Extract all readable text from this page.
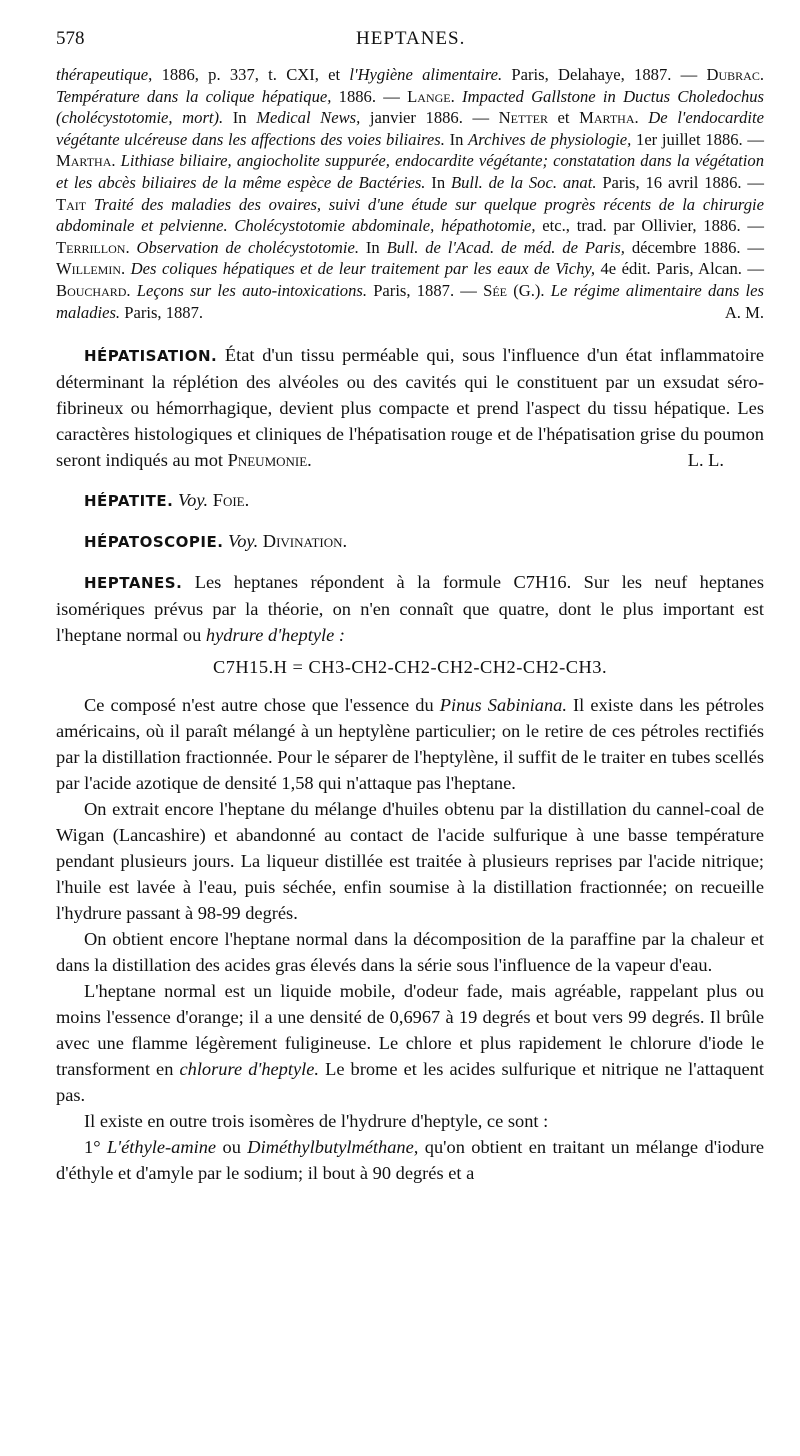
578	HEPTANES.
thérapeutique, 1886, p. 337, t. CXI, et l'Hygiène alimentaire. Paris, Delahaye, 1887. — Dubrac. Température dans la colique hépatique, 1886. — Lange. Impacted Gallstone in Ductus Choledochus (cholécystotomie, mort). In Medical News, janvier 1886. — Netter et Martha. De l'endocardite végétante ulcéreuse dans les affections des voies biliaires. In Archives de physiologie, 1er juillet 1886. — Martha. Lithiase biliaire, angiocholite suppurée, endocardite végétante; constatation dans la végétation et les abcès biliaires de la même espèce de Bactéries. In Bull. de la Soc. anat. Paris, 16 avril 1886. — Tait Traité des maladies des ovaires, suivi d'une étude sur quelque progrès récents de la chirurgie abdominale et pelvienne. Cholécystotomie abdominale, hépathotomie, etc., trad. par Ollivier, 1886. — Terrillon. Observation de cholécystotomie. In Bull. de l'Acad. de méd. de Paris, décembre 1886. — Willemin. Des coliques hépatiques et de leur traitement par les eaux de Vichy, 4e édit. Paris, Alcan. — Bouchard. Leçons sur les auto-intoxications. Paris, 1887. — Sée (G.). Le régime alimentaire dans les maladies. Paris, 1887.	A. M.

HÉPATISATION. État d'un tissu perméable qui, sous l'influence d'un état inflammatoire déterminant la réplétion des alvéoles ou des cavités qui le constituent par un exsudat séro-fibrineux ou hémorrhagique, devient plus compacte et prend l'aspect du tissu hépatique. Les caractères histologiques et cliniques de l'hépatisation rouge et de l'hépatisation grise du poumon seront indiqués au mot Pneumonie.	L. L.

HÉPATITE. Voy. Foie.

HÉPATOSCOPIE. Voy. Divination.

HEPTANES. Les heptanes répondent à la formule C7H16. Sur les neuf heptanes isomériques prévus par la théorie, on n'en connaît que quatre, dont le plus important est l'heptane normal ou hydrure d'heptyle :

C7H15.H = CH3-CH2-CH2-CH2-CH2-CH2-CH3.

Ce composé n'est autre chose que l'essence du Pinus Sabiniana. Il existe dans les pétroles américains, où il paraît mélangé à un heptylène particulier; on le retire de ces pétroles rectifiés par la distillation fractionnée. Pour le séparer de l'heptylène, il suffit de le traiter en tubes scellés par l'acide azotique de densité 1,58 qui n'attaque pas l'heptane.

On extrait encore l'heptane du mélange d'huiles obtenu par la distillation du cannel-coal de Wigan (Lancashire) et abandonné au contact de l'acide sulfurique à une basse température pendant plusieurs jours. La liqueur distillée est traitée à plusieurs reprises par l'acide nitrique; l'huile est lavée à l'eau, puis séchée, enfin soumise à la distillation fractionnée; on recueille l'hydrure passant à 98-99 degrés.

On obtient encore l'heptane normal dans la décomposition de la paraffine par la chaleur et dans la distillation des acides gras élevés dans la série sous l'influence de la vapeur d'eau.

L'heptane normal est un liquide mobile, d'odeur fade, mais agréable, rappelant plus ou moins l'essence d'orange; il a une densité de 0,6967 à 19 degrés et bout vers 99 degrés. Il brûle avec une flamme légèrement fuligineuse. Le chlore et plus rapidement le chlorure d'iode le transforment en chlorure d'heptyle. Le brome et les acides sulfurique et nitrique ne l'attaquent pas.

Il existe en outre trois isomères de l'hydrure d'heptyle, ce sont :

1° L'éthyle-amine ou Diméthylbutylméthane, qu'on obtient en traitant un mélange d'iodure d'éthyle et d'amyle par le sodium; il bout à 90 degrés et a
